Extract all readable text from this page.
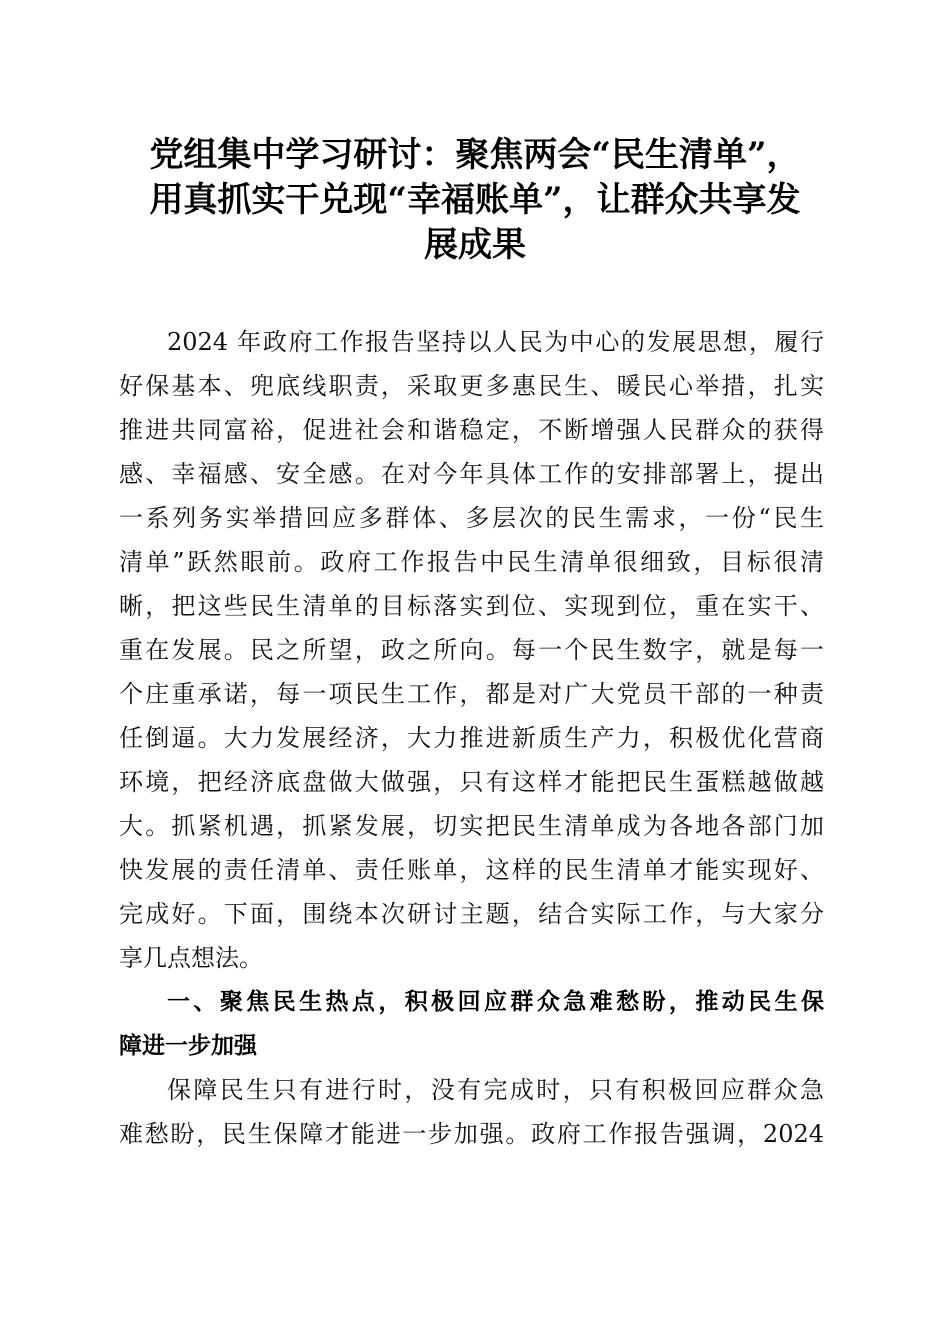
党组集中学习研讨：聚焦两会“民生清单”，
用真抓实干兑现“幸福账单”，让群众共享发
展成果
2024 年政府工作报告坚持以人民为中心的发展思想，履行
好保基本、兜底线职责，采取更多惠民生、暖民心举措，扎实
推进共同富裕，促进社会和谐稳定，不断增强人民群众的获得
感、幸福感、安全感。在对今年具体工作的安排部署上，提出
一系列务实举措回应多群体、多层次的民生需求，一份“民生
清单”跃然眼前。政府工作报告中民生清单很细致，目标很清
晰，把这些民生清单的目标落实到位、实现到位，重在实干、
重在发展。民之所望，政之所向。每一个民生数字，就是每一
个庄重承诺，每一项民生工作，都是对广大党员干部的一种责
任倒逼。大力发展经济，大力推进新质生产力，积极优化营商
环境，把经济底盘做大做强，只有这样才能把民生蛋糕越做越
大。抓紧机遇，抓紧发展，切实把民生清单成为各地各部门加
快发展的责任清单、责任账单，这样的民生清单才能实现好、
完成好。下面，围绕本次研讨主题，结合实际工作，与大家分
享几点想法。
一、聚焦民生热点，积极回应群众急难愁盼，推动民生保
障进一步加强
保障民生只有进行时，没有完成时，只有积极回应群众急
难愁盼，民生保障才能进一步加强。政府工作报告强调，2024
